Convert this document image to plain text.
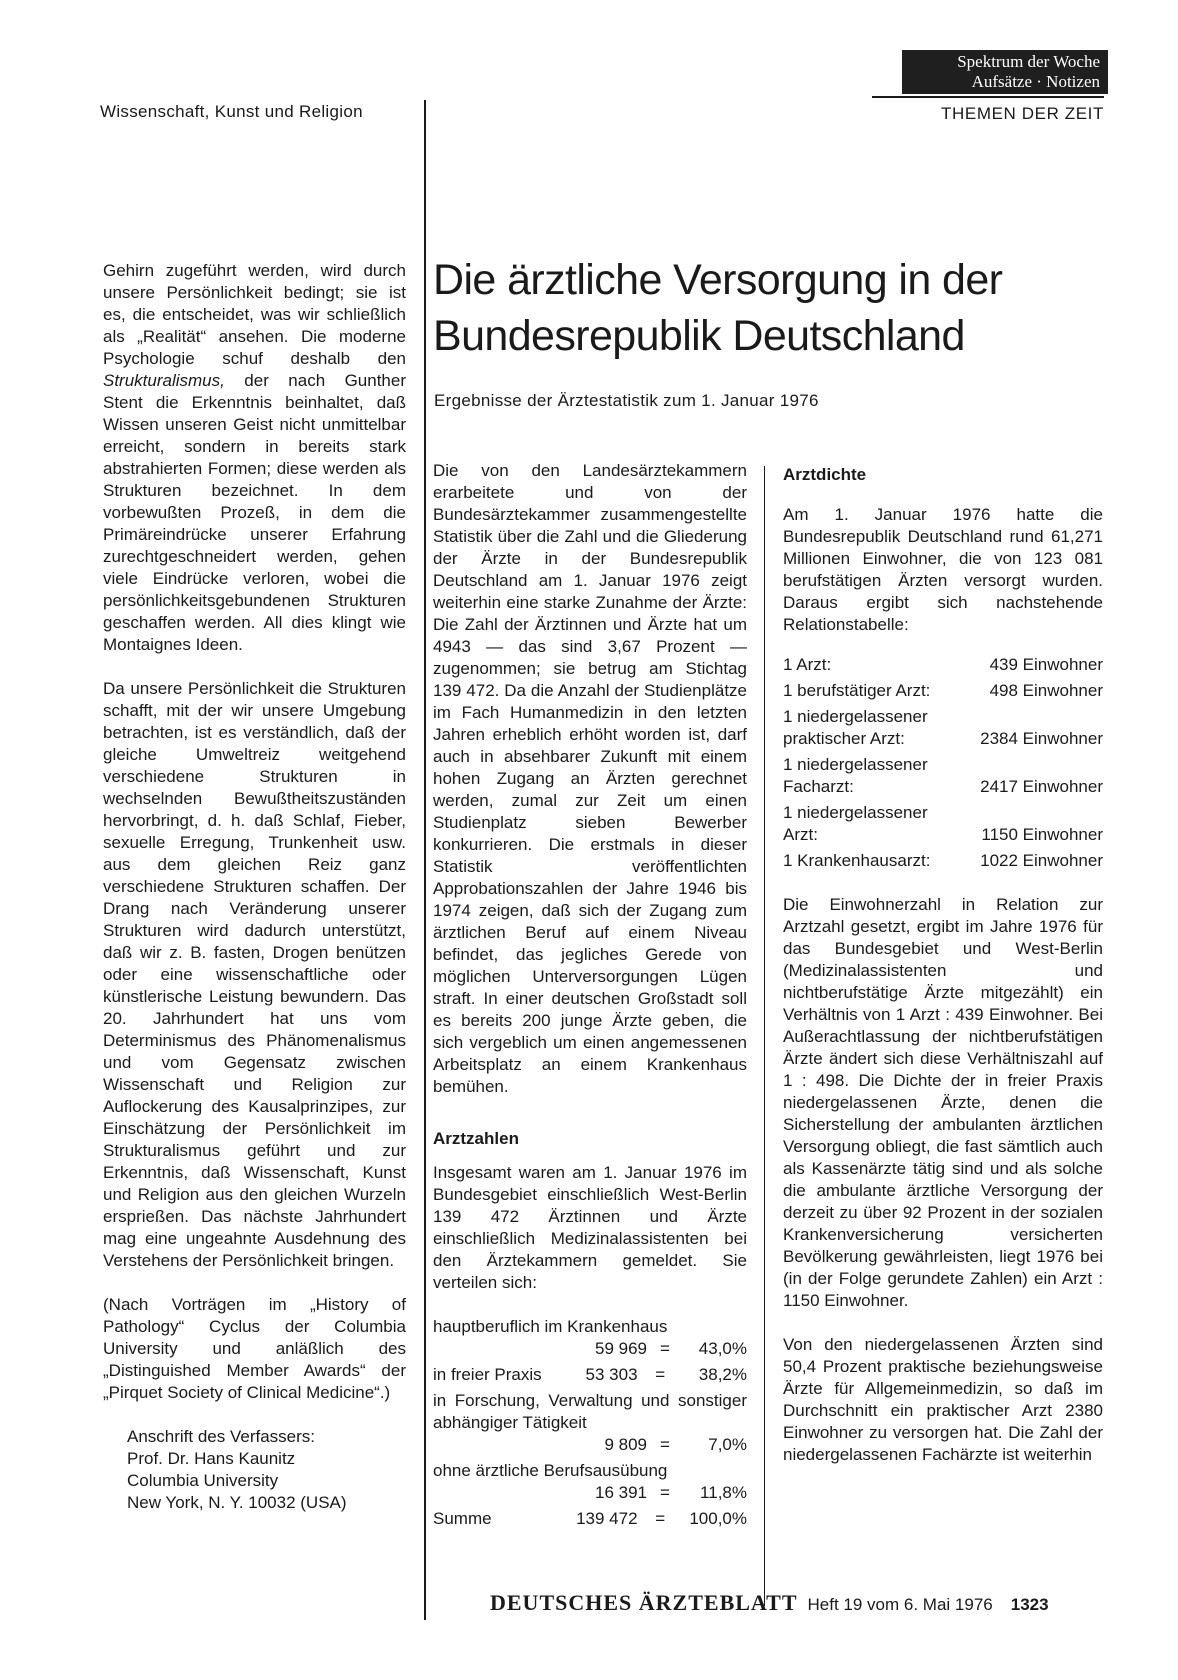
Spektrum der Woche
Aufsätze · Notizen
Wissenschaft, Kunst und Religion	THEMEN DER ZEIT
Die ärztliche Versorgung in der
Bundesrepublik Deutschland
Ergebnisse der Ärztestatistik zum 1. Januar 1976

Gehirn zugeführt werden, wird durch unsere Persönlichkeit bedingt; sie ist es, die entscheidet, was wir schließlich als „Realität“ ansehen. Die moderne Psychologie schuf deshalb den Strukturalismus, der nach Gunther Stent die Erkenntnis beinhaltet, daß Wissen unseren Geist nicht unmittelbar erreicht, sondern in bereits stark abstrahierten Formen; diese werden als Strukturen bezeichnet. In dem vorbewußten Prozeß, in dem die Primäreindrücke unserer Erfahrung zurechtgeschneidert werden, gehen viele Eindrücke verloren, wobei die persönlichkeitsgebundenen Strukturen geschaffen werden. All dies klingt wie Montaignes Ideen.

Da unsere Persönlichkeit die Strukturen schafft, mit der wir unsere Umgebung betrachten, ist es verständlich, daß der gleiche Umweltreiz weitgehend verschiedene Strukturen in wechselnden Bewußtheitszuständen hervorbringt, d. h. daß Schlaf, Fieber, sexuelle Erregung, Trunkenheit usw. aus dem gleichen Reiz ganz verschiedene Strukturen schaffen. Der Drang nach Veränderung unserer Strukturen wird dadurch unterstützt, daß wir z. B. fasten, Drogen benützen oder eine wissenschaftliche oder künstlerische Leistung bewundern. Das 20. Jahrhundert hat uns vom Determinismus des Phänomenalismus und vom Gegensatz zwischen Wissenschaft und Religion zur Auflockerung des Kausalprinzipes, zur Einschätzung der Persönlichkeit im Strukturalismus geführt und zur Erkenntnis, daß Wissenschaft, Kunst und Religion aus den gleichen Wurzeln ersprießen. Das nächste Jahrhundert mag eine ungeahnte Ausdehnung des Verstehens der Persönlichkeit bringen.

(Nach Vorträgen im „History of Pathology“ Cyclus der Columbia University und anläßlich des „Distinguished Member Awards“ der „Pirquet Society of Clinical Medicine“.)

Anschrift des Verfassers:
Prof. Dr. Hans Kaunitz
Columbia University
New York, N. Y. 10032 (USA)

Die von den Landesärztekammern erarbeitete und von der Bundesärztekammer zusammengestellte Statistik über die Zahl und die Gliederung der Ärzte in der Bundesrepublik Deutschland am 1. Januar 1976 zeigt weiterhin eine starke Zunahme der Ärzte: Die Zahl der Ärztinnen und Ärzte hat um 4943 — das sind 3,67 Prozent — zugenommen; sie betrug am Stichtag 139 472. Da die Anzahl der Studienplätze im Fach Humanmedizin in den letzten Jahren erheblich erhöht worden ist, darf auch in absehbarer Zukunft mit einem hohen Zugang an Ärzten gerechnet werden, zumal zur Zeit um einen Studienplatz sieben Bewerber konkurrieren. Die erstmals in dieser Statistik veröffentlichten Approbationszahlen der Jahre 1946 bis 1974 zeigen, daß sich der Zugang zum ärztlichen Beruf auf einem Niveau befindet, das jegliches Gerede von möglichen Unterversorgungen Lügen straft. In einer deutschen Großstadt soll es bereits 200 junge Ärzte geben, die sich vergeblich um einen angemessenen Arbeitsplatz an einem Krankenhaus bemühen.

Arztzahlen

Insgesamt waren am 1. Januar 1976 im Bundesgebiet einschließlich West-Berlin 139 472 Ärztinnen und Ärzte einschließlich Medizinalassistenten bei den Ärztekammern gemeldet. Sie verteilen sich:

hauptberuflich im Krankenhaus
59 969 =	43,0%
in freier Praxis	53 303 = 38,2%

in Forschung, Verwaltung und sonstiger abhängiger Tätigkeit

9 809 =	7,0%
ohne ärztliche Berufsausübung
16 391 =	11,8%
Summe	139 472 = 100,0%
Arztdichte

Am 1. Januar 1976 hatte die Bundesrepublik Deutschland rund 61,271 Millionen Einwohner, die von 123 081 berufstätigen Ärzten versorgt wurden. Daraus ergibt sich nachstehende Relationstabelle:

1 Arzt:	439 Einwohner
1 berufstätiger Arzt:	498 Einwohner
1 niedergelassener
praktischer Arzt:	2384 Einwohner
1 niedergelassener
Facharzt:	2417 Einwohner
1 niedergelassener
Arzt:	1150 Einwohner
1 Krankenhausarzt:	1022 Einwohner

Die Einwohnerzahl in Relation zur Arztzahl gesetzt, ergibt im Jahre 1976 für das Bundesgebiet und West-Berlin (Medizinalassistenten und nichtberufstätige Ärzte mitgezählt) ein Verhältnis von 1 Arzt : 439 Einwohner. Bei Außerachtlassung der nichtberufstätigen Ärzte ändert sich diese Verhältniszahl auf 1 : 498. Die Dichte der in freier Praxis niedergelassenen Ärzte, denen die Sicherstellung der ambulanten ärztlichen Versorgung obliegt, die fast sämtlich auch als Kassenärzte tätig sind und als solche die ambulante ärztliche Versorgung der derzeit zu über 92 Prozent in der sozialen Krankenversicherung versicherten Bevölkerung gewährleisten, liegt 1976 bei (in der Folge gerundete Zahlen) ein Arzt : 1150 Einwohner.

Von den niedergelassenen Ärzten sind 50,4 Prozent praktische beziehungsweise Ärzte für Allgemeinmedizin, so daß im Durchschnitt ein praktischer Arzt 2380 Einwohner zu versorgen hat. Die Zahl der niedergelassenen Fachärzte ist weiterhin

DEUTSCHES ÄRZTEBLATT Heft 19 vom 6. Mai 1976 1323
